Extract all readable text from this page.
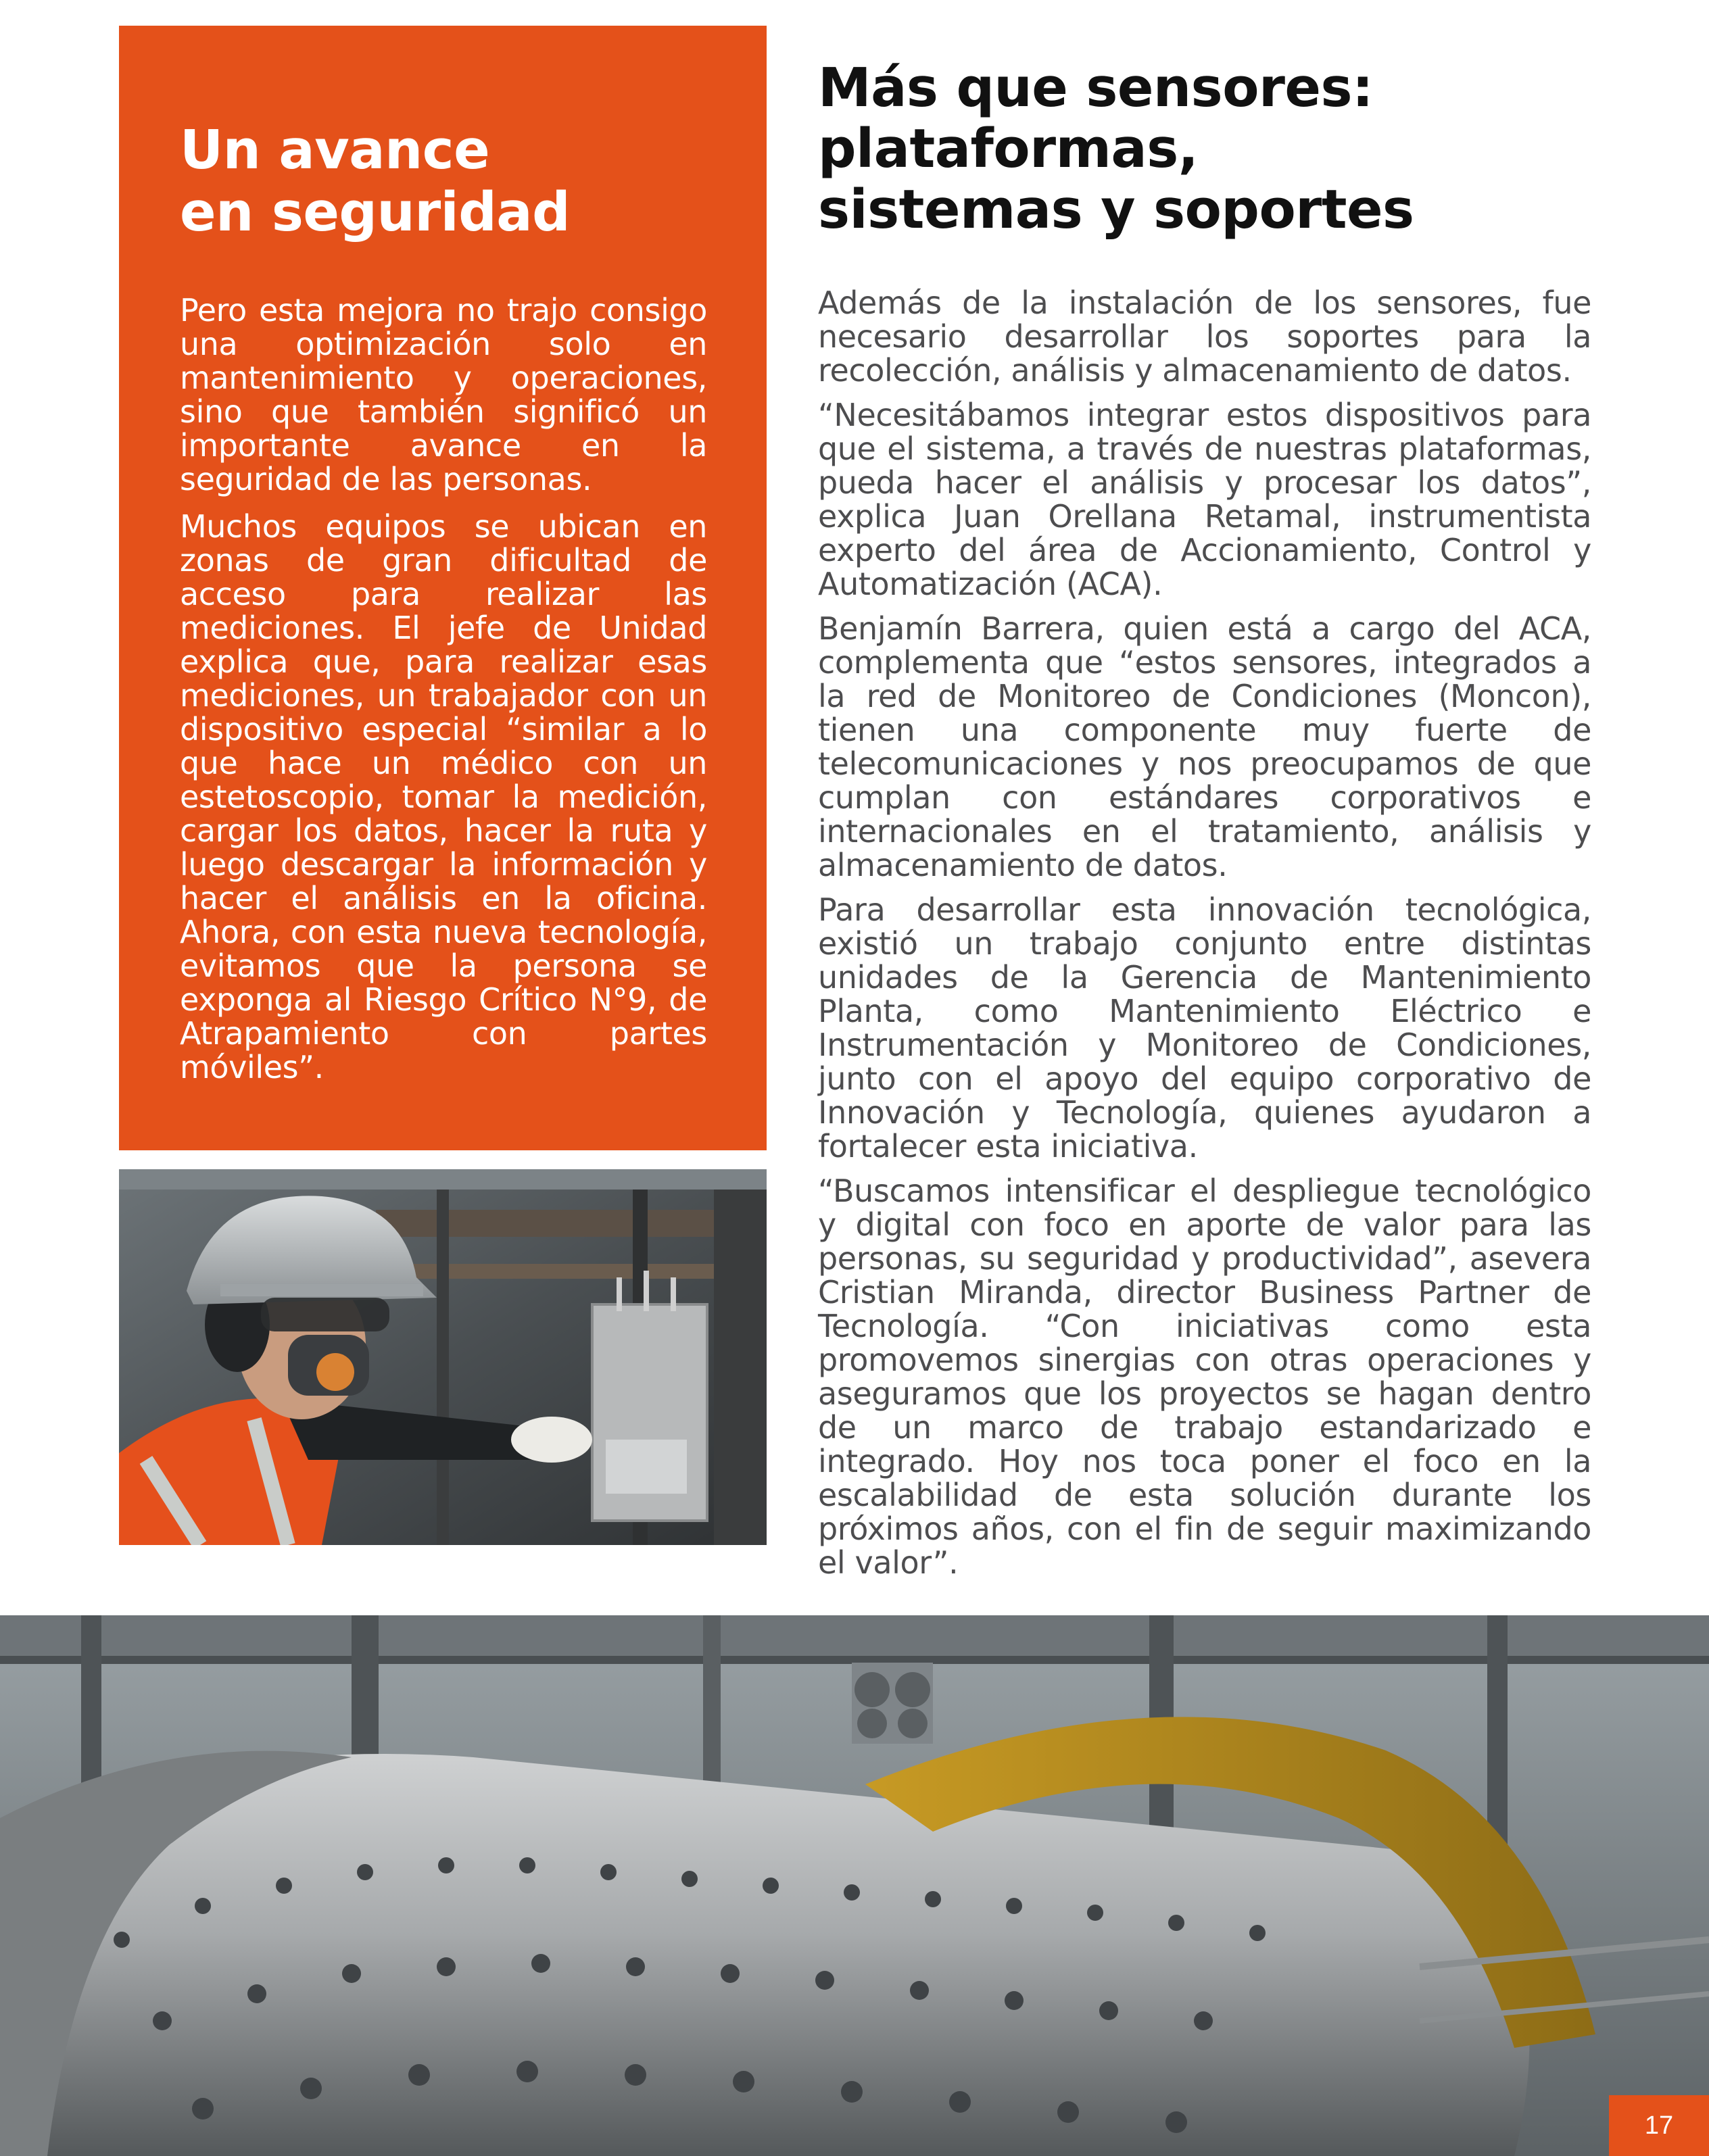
Un avance
en seguridad

Pero esta mejora no trajo consigo una optimización solo en mantenimiento y operaciones, sino que también significó un importante avance en la seguridad de las personas.

Muchos equipos se ubican en zonas de gran dificultad de acceso para realizar las mediciones. El jefe de Unidad explica que, para realizar esas mediciones, un trabajador con un dispositivo especial “similar a lo que hace un médico con un estetoscopio, tomar la medición, cargar los datos, hacer la ruta y luego descargar la información y hacer el análisis en la oficina. Ahora, con esta nueva tecnología, evitamos que la persona se exponga al Riesgo Crítico N°9, de Atrapamiento con partes móviles”.

Más que sensores:
plataformas,
sistemas y soportes

Además de la instalación de los sensores, fue necesario desarrollar los soportes para la recolección, análisis y almacenamiento de datos.

“Necesitábamos integrar estos dispositivos para que el sistema, a través de nuestras plataformas, pueda hacer el análisis y procesar los datos”, explica Juan Orellana Retamal, instrumentista experto del área de Accionamiento, Control y Automatización (ACA).

Benjamín Barrera, quien está a cargo del ACA, complementa que “estos sensores, integrados a la red de Monitoreo de Condiciones (Moncon), tienen una componente muy fuerte de telecomunicaciones y nos preocupamos de que cumplan con estándares corporativos e internacionales en el tratamiento, análisis y almacenamiento de datos.

Para desarrollar esta innovación tecnológica, existió un trabajo conjunto entre distintas unidades de la Gerencia de Mantenimiento Planta, como Mantenimiento Eléctrico e Instrumentación y Monitoreo de Condiciones, junto con el apoyo del equipo corporativo de Innovación y Tecnología, quienes ayudaron a fortalecer esta iniciativa.

“Buscamos intensificar el despliegue tecnológico y digital con foco en aporte de valor para las personas, su seguridad y productividad”, asevera Cristian Miranda, director Business Partner de Tecnología. “Con iniciativas como esta promovemos sinergias con otras operaciones y aseguramos que los proyectos se hagan dentro de un marco de trabajo estandarizado e integrado. Hoy nos toca poner el foco en la escalabilidad de esta solución durante los próximos años, con el fin de seguir maximizando el valor”.

17
